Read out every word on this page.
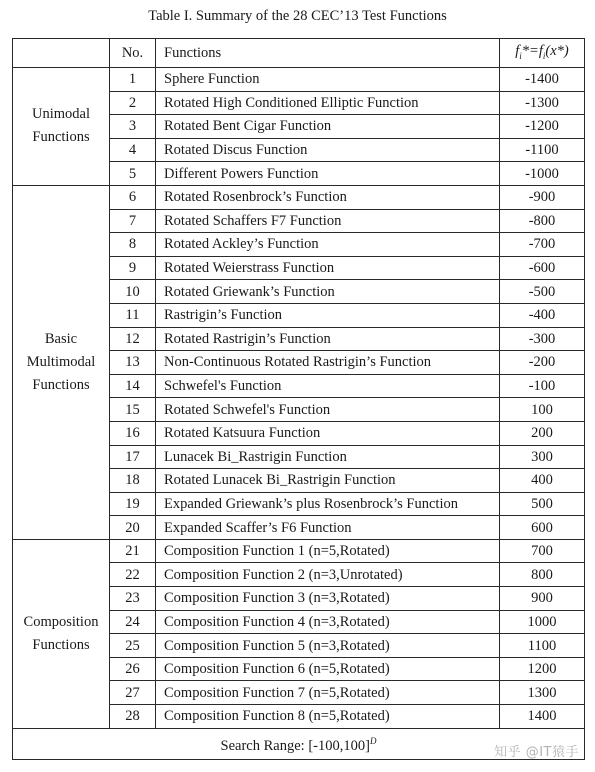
Table I. Summary of the 28 CEC’13 Test Functions
	No.	Functions	$f_i*=f_i(x*)$
Unimodal Functions	1	Sphere Function	-1400
	2	Rotated High Conditioned Elliptic Function	-1300
	3	Rotated Bent Cigar Function	-1200
	4	Rotated Discus Function	-1100
	5	Different Powers Function	-1000
Basic Multimodal Functions	6	Rotated Rosenbrock’s Function	-900
	7	Rotated Schaffers F7 Function	-800
	8	Rotated Ackley’s Function	-700
	9	Rotated Weierstrass Function	-600
	10	Rotated Griewank’s Function	-500
	11	Rastrigin’s Function	-400
	12	Rotated Rastrigin’s Function	-300
	13	Non-Continuous Rotated Rastrigin’s Function	-200
	14	Schwefel's Function	-100
	15	Rotated Schwefel's Function	100
	16	Rotated Katsuura Function	200
	17	Lunacek Bi_Rastrigin Function	300
	18	Rotated Lunacek Bi_Rastrigin Function	400
	19	Expanded Griewank’s plus Rosenbrock’s Function	500
	20	Expanded Scaffer’s F6 Function	600
Composition Functions	21	Composition Function 1 (n=5,Rotated)	700
	22	Composition Function 2 (n=3,Unrotated)	800
	23	Composition Function 3 (n=3,Rotated)	900
	24	Composition Function 4 (n=3,Rotated)	1000
	25	Composition Function 5 (n=3,Rotated)	1100
	26	Composition Function 6 (n=5,Rotated)	1200
	27	Composition Function 7 (n=5,Rotated)	1300
	28	Composition Function 8 (n=5,Rotated)	1400
Search Range: $[-100,100]^D$
知乎 @IT猿手
